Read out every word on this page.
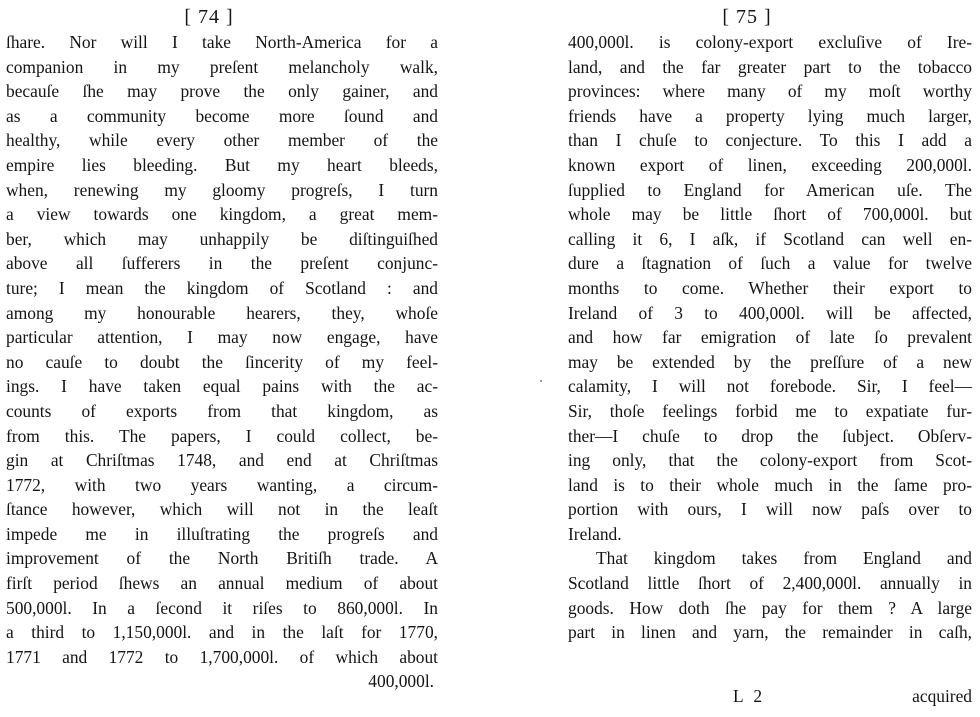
[ 74 ]
ſhare. Nor will I take North-America for a
companion in my preſent melancholy walk,
becauſe ſhe may prove the only gainer, and
as a community become more ſound and
healthy, while every other member of the
empire lies bleeding. But my heart bleeds,
when, renewing my gloomy progreſs, I turn
a view towards one kingdom, a great mem-
ber, which may unhappily be diſtinguiſhed
above all ſufferers in the preſent conjunc-
ture; I mean the kingdom of Scotland : and
among my honourable hearers, they, whoſe
particular attention, I may now engage, have
no cauſe to doubt the ſincerity of my feel-
ings. I have taken equal pains with the ac-
counts of exports from that kingdom, as
from this. The papers, I could collect, be-
gin at Chriſtmas 1748, and end at Chriſtmas
1772, with two years wanting, a circum-
ſtance however, which will not in the leaſt
impede me in illuſtrating the progreſs and
improvement of the North Britiſh trade. A
firſt period ſhews an annual medium of about
500,000l. In a ſecond it riſes to 860,000l. In
a third to 1,150,000l. and in the laſt for 1770,
1771 and 1772 to 1,700,000l. of which about
400,000l.
[ 75 ]
400,000l. is colony-export excluſive of Ire-
land, and the far greater part to the tobacco
provinces: where many of my moſt worthy
friends have a property lying much larger,
than I chuſe to conjecture. To this I add a
known export of linen, exceeding 200,000l.
ſupplied to England for American uſe. The
whole may be little ſhort of 700,000l. but
calling it 6, I aſk, if Scotland can well en-
dure a ſtagnation of ſuch a value for twelve
months to come. Whether their export to
Ireland of 3 to 400,000l. will be affected,
and how far emigration of late ſo prevalent
may be extended by the preſſure of a new
calamity, I will not forebode. Sir, I feel—
Sir, thoſe feelings forbid me to expatiate fur-
ther—I chuſe to drop the ſubject. Obſerv-
ing only, that the colony-export from Scot-
land is to their whole much in the ſame pro-
portion with ours, I will now paſs over to
Ireland.
That kingdom takes from England and
Scotland little ſhort of 2,400,000l. annually in
goods. How doth ſhe pay for them ? A large
part in linen and yarn, the remainder in caſh,
L 2	acquired
